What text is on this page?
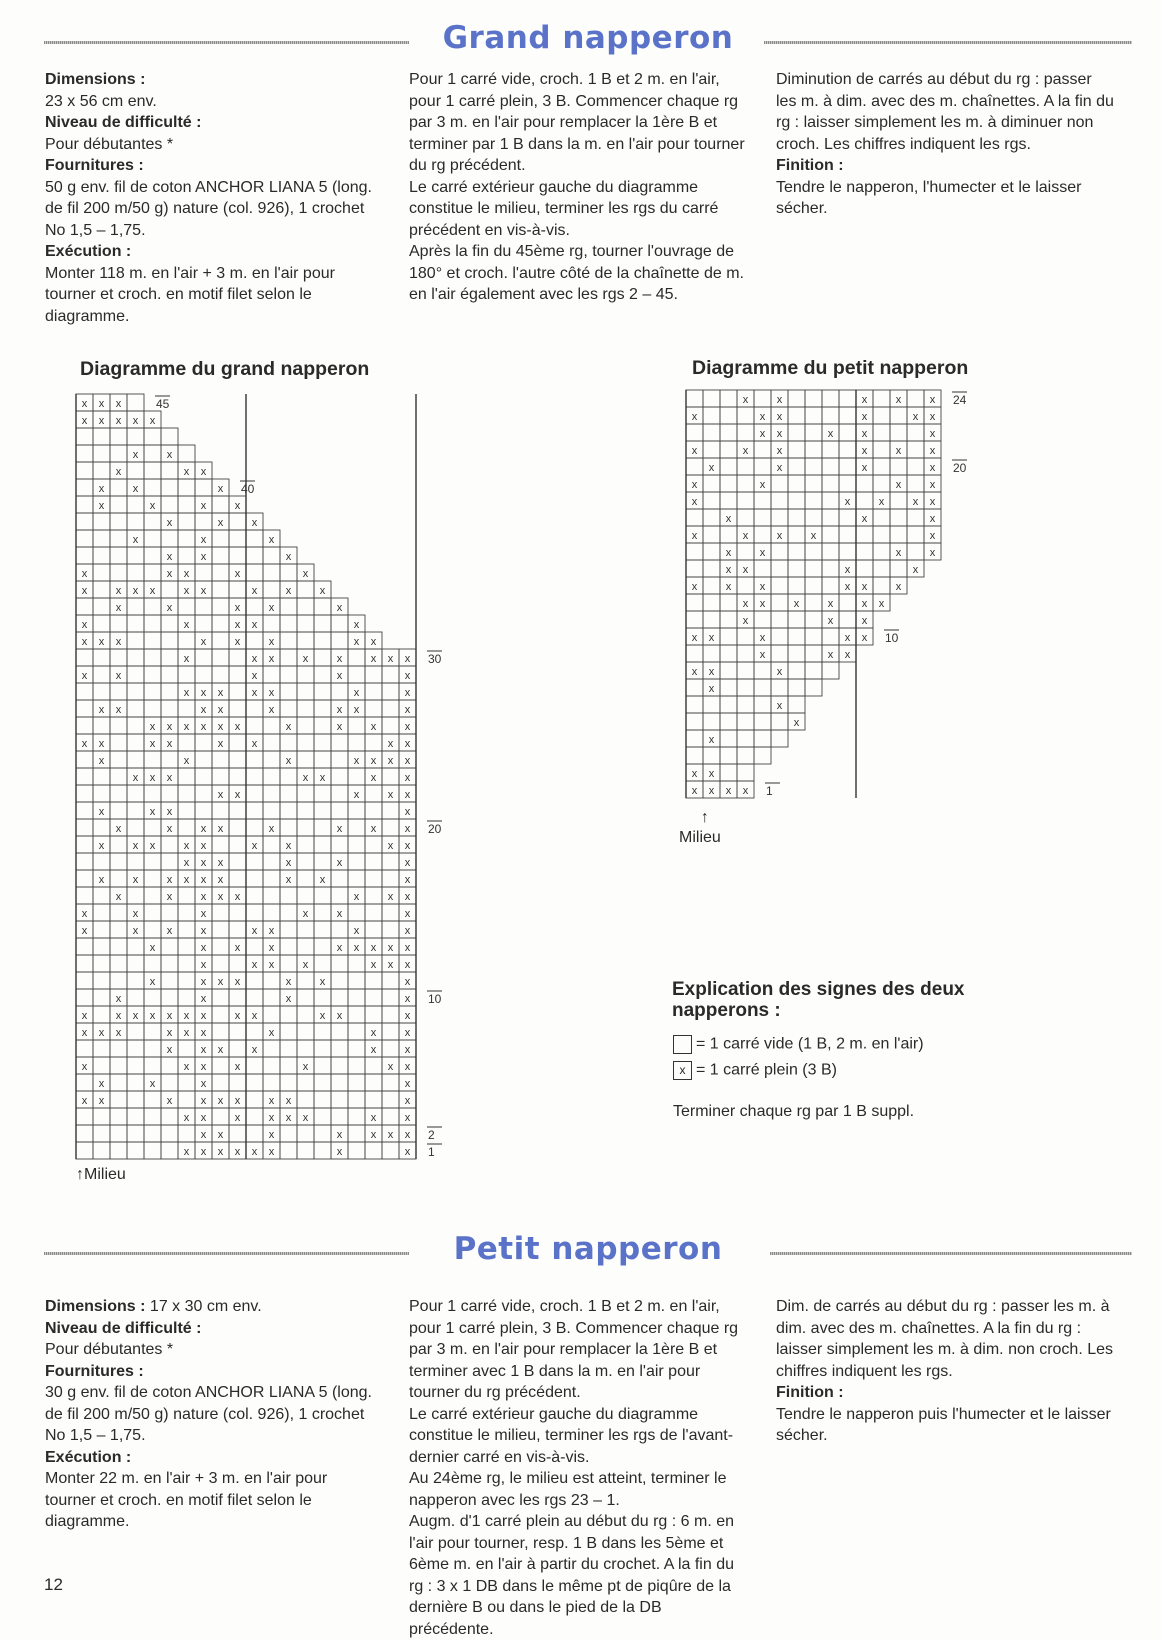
Grand napperon

Dimensions :

23 x 56 cm env.

Niveau de difficulté :

Pour débutantes *

Fournitures :

50 g env. fil de coton ANCHOR LIANA 5 (long. de fil 200 m/50 g) nature (col. 926), 1 crochet No 1,5 – 1,75.

Exécution :

Monter 118 m. en l'air + 3 m. en l'air pour tourner et croch. en motif filet selon le diagramme.

Pour 1 carré vide, croch. 1 B et 2 m. en l'air, pour 1 carré plein, 3 B. Commencer chaque rg par 3 m. en l'air pour remplacer la 1ère B et terminer par 1 B dans la m. en l'air pour tourner du rg précédent.

Le carré extérieur gauche du diagramme constitue le milieu, terminer les rgs du carré précédent en vis-à-vis.

Après la fin du 45ème rg, tourner l'ouvrage de 180° et croch. l'autre côté de la chaînette de m. en l'air également avec les rgs 2 – 45.

Diminution de carrés au début du rg : passer les m. à dim. avec des m. chaînettes. A la fin du rg : laisser simplement les m. à diminuer non croch. Les chiffres indiquent les rgs.

Finition :

Tendre le napperon, l'humecter et le laisser sécher.

Diagramme du grand napperon
x x x
x x x x x
x	x
x	x x
x	x	x
x	x	x	x
x	x	x
x	x	x
x	x	x
x	x x	x	x
x	x x x	x x	x	x	x
x	x	x	x	x
x	x	x x	x
x x x	x	x	x	x x
x	x x	x	x	x x x
x	x	x	x	x
x x x	x x	x	x
x x	x x	x	x x	x
x x x x x x	x	x	x	x
x x	x x	x	x	x x
x	x	x	x x x x
x x x	x x	x	x
x x	x	x x
x	x x	x
x	x	x x	x	x	x	x
x	x x	x x	x	x	x x
x x x	x	x	x
x	x	x x x x	x	x	x
x	x	x x x	x	x x
x	x	x	x	x	x
x	x	x	x	x x	x	x
x	x	x	x	x x x x x
x	x x	x	x x x
x	x x x	x	x	x
x	x	x	x
x	x x x x x x	x x	x x	x
x x x	x x x	x	x	x
x	x x	x	x	x
x	x x	x	x	x x
x	x	x	x
x x	x	x x x	x x	x
x x	x	x x x	x	x
x x	x	x	x x x
x x x x x x	x	x
45
40
30
20
10
2
1
↑Milieu
Diagramme du petit napperon
x	x	x	x	x
x	x x	x	x x
x x	x	x	x
x	x	x	x	x	x
x	x	x	x
x	x	x	x
x	x	x	x x
x	x	x
x	x	x	x	x
x	x	x	x
x x	x	x
x	x	x	x x	x
x x	x	x	x x
x	x	x
x x	x	x x
x	x x
x x	x
x
x
x
x
x x
x x x x
24
20
10
1
↑
Milieu
Explication des signes des deux napperons :
= 1 carré vide (1 B, 2 m. en l'air)
x = 1 carré plein (3 B)
Terminer chaque rg par 1 B suppl.
Petit napperon

Dimensions : 17 x 30 cm env.

Niveau de difficulté :

Pour débutantes *

Fournitures :

30 g env. fil de coton ANCHOR LIANA 5 (long. de fil 200 m/50 g) nature (col. 926), 1 crochet No 1,5 – 1,75.

Exécution :

Monter 22 m. en l'air + 3 m. en l'air pour tourner et croch. en motif filet selon le diagramme.

Pour 1 carré vide, croch. 1 B et 2 m. en l'air, pour 1 carré plein, 3 B. Commencer chaque rg par 3 m. en l'air pour remplacer la 1ère B et terminer avec 1 B dans la m. en l'air pour tourner du rg précédent.

Le carré extérieur gauche du diagramme constitue le milieu, terminer les rgs de l'avant-dernier carré en vis-à-vis.

Au 24ème rg, le milieu est atteint, terminer le napperon avec les rgs 23 – 1.

Augm. d'1 carré plein au début du rg : 6 m. en l'air pour tourner, resp. 1 B dans les 5ème et 6ème m. en l'air à partir du crochet. A la fin du rg : 3 x 1 DB dans le même pt de piqûre de la dernière B ou dans le pied de la DB précédente.

Dim. de carrés au début du rg : passer les m. à dim. avec des m. chaînettes. A la fin du rg : laisser simplement les m. à dim. non croch. Les chiffres indiquent les rgs.

Finition :

Tendre le napperon puis l'humecter et le laisser sécher.

12
